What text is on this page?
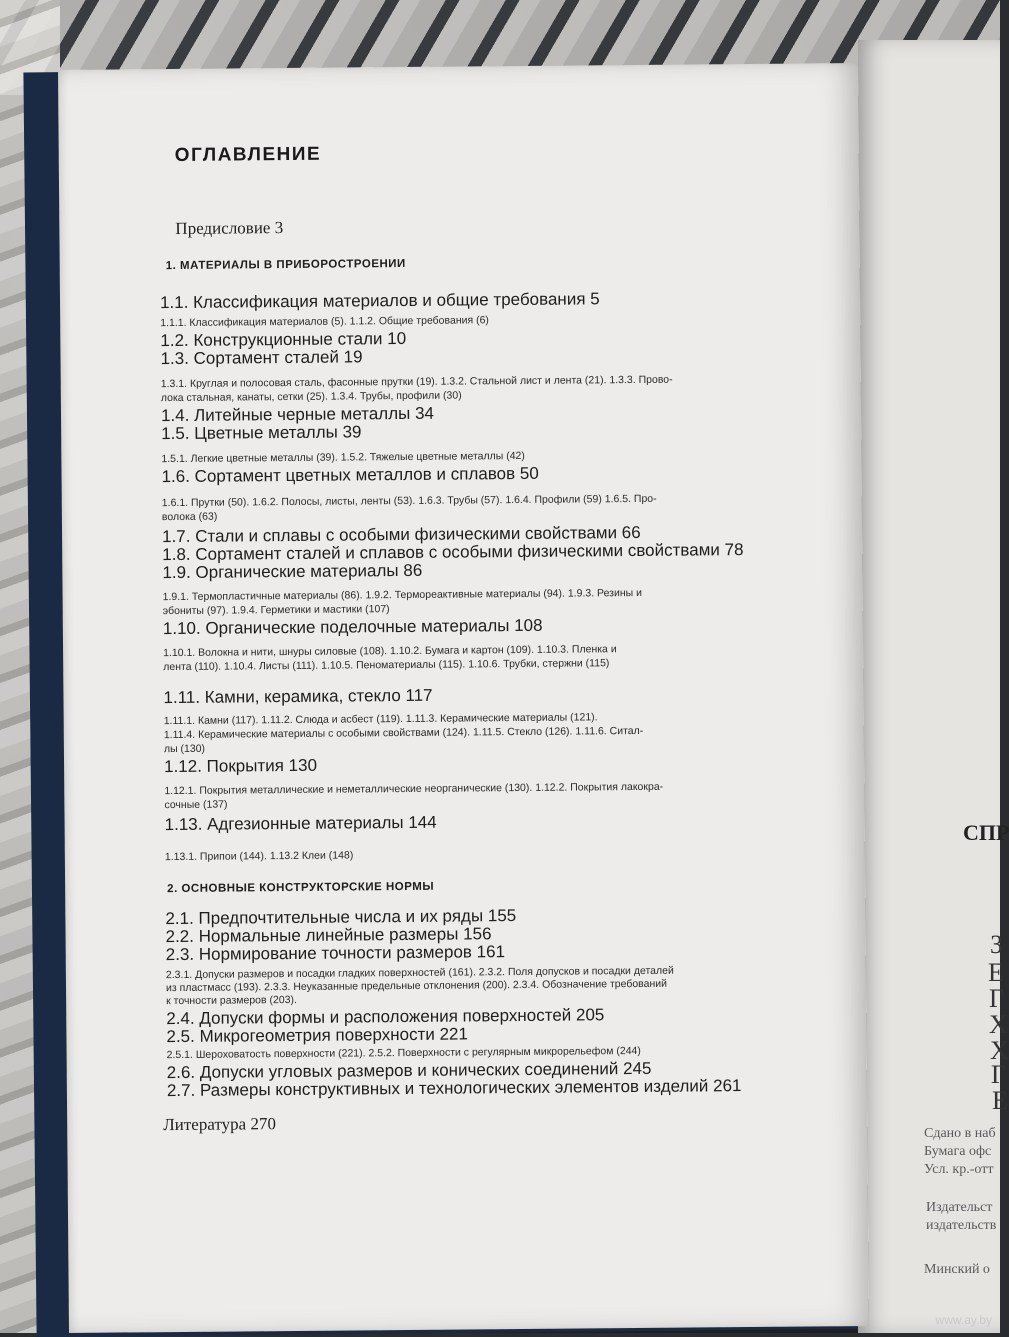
СПР
З
Е
Г
Х
Х
Г
Е
Сдано в наб
Бумага офс
Усл. кр.-отт
Издательст
издательств
Минский о
ОГЛАВЛЕНИЕ
Предисловие 3
1. МАТЕРИАЛЫ В ПРИБОРОСТРОЕНИИ
1.1. Классификация материалов и общие требования 5
1.1.1. Классификация материалов (5). 1.1.2. Общие требования (6)
1.2. Конструкционные стали 10
1.3. Сортамент сталей 19
1.3.1. Круглая и полосовая сталь, фасонные прутки (19). 1.3.2. Стальной лист и лента (21). 1.3.3. Прово-
лока стальная, канаты, сетки (25). 1.3.4. Трубы, профили (30)
1.4. Литейные черные металлы 34
1.5. Цветные металлы 39
1.5.1. Легкие цветные металлы (39). 1.5.2. Тяжелые цветные металлы (42)
1.6. Сортамент цветных металлов и сплавов 50
1.6.1. Прутки (50). 1.6.2. Полосы, листы, ленты (53). 1.6.3. Трубы (57). 1.6.4. Профили (59) 1.6.5. Про-
волока (63)
1.7. Стали и сплавы с особыми физическими свойствами 66
1.8. Сортамент сталей и сплавов с особыми физическими свойствами 78
1.9. Органические материалы 86
1.9.1. Термопластичные материалы (86). 1.9.2. Термореактивные материалы (94). 1.9.3. Резины и
эбониты (97). 1.9.4. Герметики и мастики (107)
1.10. Органические поделочные материалы 108
1.10.1. Волокна и нити, шнуры силовые (108). 1.10.2. Бумага и картон (109). 1.10.3. Пленка и
лента (110). 1.10.4. Листы (111). 1.10.5. Пеноматериалы (115). 1.10.6. Трубки, стержни (115)
1.11. Камни, керамика, стекло 117
1.11.1. Камни (117). 1.11.2. Слюда и асбест (119). 1.11.3. Керамические материалы (121).
1.11.4. Керамические материалы с особыми свойствами (124). 1.11.5. Стекло (126). 1.11.6. Ситал-
лы (130)
1.12. Покрытия 130
1.12.1. Покрытия металлические и неметаллические неорганические (130). 1.12.2. Покрытия лакокра-
сочные (137)
1.13. Адгезионные материалы 144
1.13.1. Припои (144). 1.13.2 Клеи (148)
2. ОСНОВНЫЕ КОНСТРУКТОРСКИЕ НОРМЫ
2.1. Предпочтительные числа и их ряды 155
2.2. Нормальные линейные размеры 156
2.3. Нормирование точности размеров 161
2.3.1. Допуски размеров и посадки гладких поверхностей (161). 2.3.2. Поля допусков и посадки деталей
из пластмасс (193). 2.3.3. Неуказанные предельные отклонения (200). 2.3.4. Обозначение требований
к точности размеров (203).
2.4. Допуски формы и расположения поверхностей 205
2.5. Микрогеометрия поверхности 221
2.5.1. Шероховатость поверхности (221). 2.5.2. Поверхности с регулярным микрорельефом (244)
2.6. Допуски угловых размеров и конических соединений 245
2.7. Размеры конструктивных и технологических элементов изделий 261
Литература 270
www.ay.by
